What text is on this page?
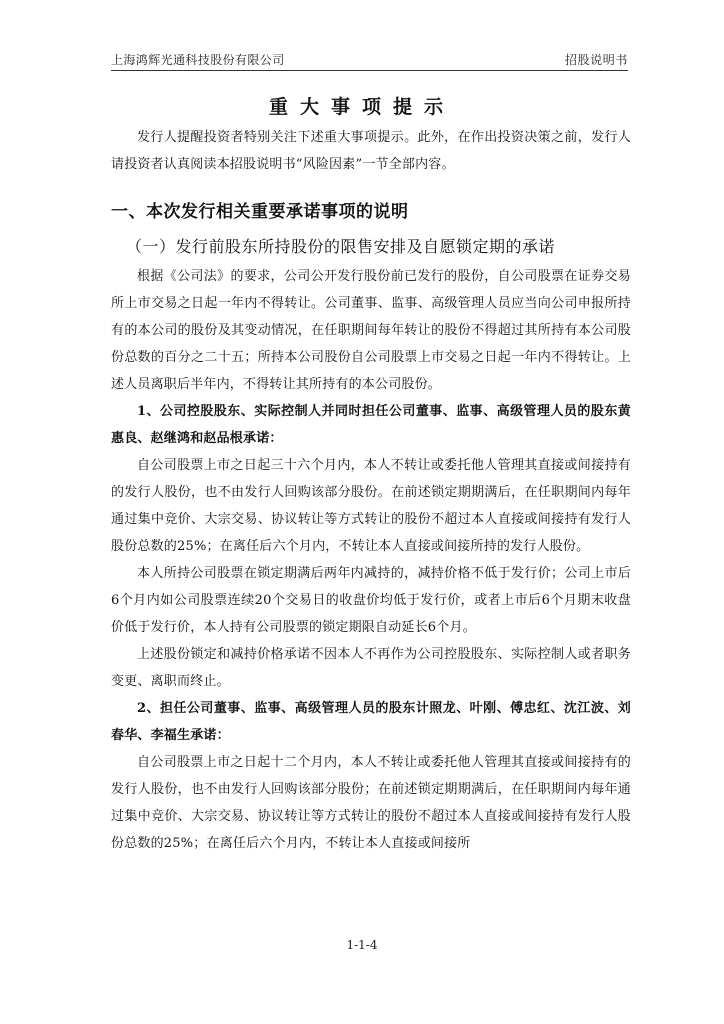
上海鸿辉光通科技股份有限公司	招股说明书
重大事项提示

发行人提醒投资者特别关注下述重大事项提示。此外，在作出投资决策之前，发行人请投资者认真阅读本招股说明书“风险因素”一节全部内容。

一、本次发行相关重要承诺事项的说明
（一）发行前股东所持股份的限售安排及自愿锁定期的承诺

根据《公司法》的要求，公司公开发行股份前已发行的股份，自公司股票在证券交易所上市交易之日起一年内不得转让。公司董事、监事、高级管理人员应当向公司申报所持有的本公司的股份及其变动情况，在任职期间每年转让的股份不得超过其所持有本公司股份总数的百分之二十五；所持本公司股份自公司股票上市交易之日起一年内不得转让。上述人员离职后半年内，不得转让其所持有的本公司股份。

1、公司控股股东、实际控制人并同时担任公司董事、监事、高级管理人员的股东黄惠良、赵继鸿和赵品根承诺：

自公司股票上市之日起三十六个月内，本人不转让或委托他人管理其直接或间接持有的发行人股份，也不由发行人回购该部分股份。在前述锁定期期满后，在任职期间内每年通过集中竞价、大宗交易、协议转让等方式转让的股份不超过本人直接或间接持有发行人股份总数的25%；在离任后六个月内，不转让本人直接或间接所持的发行人股份。

本人所持公司股票在锁定期满后两年内减持的，减持价格不低于发行价；公司上市后6个月内如公司股票连续20个交易日的收盘价均低于发行价，或者上市后6个月期末收盘价低于发行价，本人持有公司股票的锁定期限自动延长6个月。

上述股份锁定和减持价格承诺不因本人不再作为公司控股股东、实际控制人或者职务变更、离职而终止。

2、担任公司董事、监事、高级管理人员的股东计照龙、叶刚、傅忠红、沈江波、刘春华、李福生承诺：

自公司股票上市之日起十二个月内，本人不转让或委托他人管理其直接或间接持有的发行人股份，也不由发行人回购该部分股份；在前述锁定期期满后，在任职期间内每年通过集中竞价、大宗交易、协议转让等方式转让的股份不超过本人直接或间接持有发行人股份总数的25%；在离任后六个月内，不转让本人直接或间接所

1-1-4
